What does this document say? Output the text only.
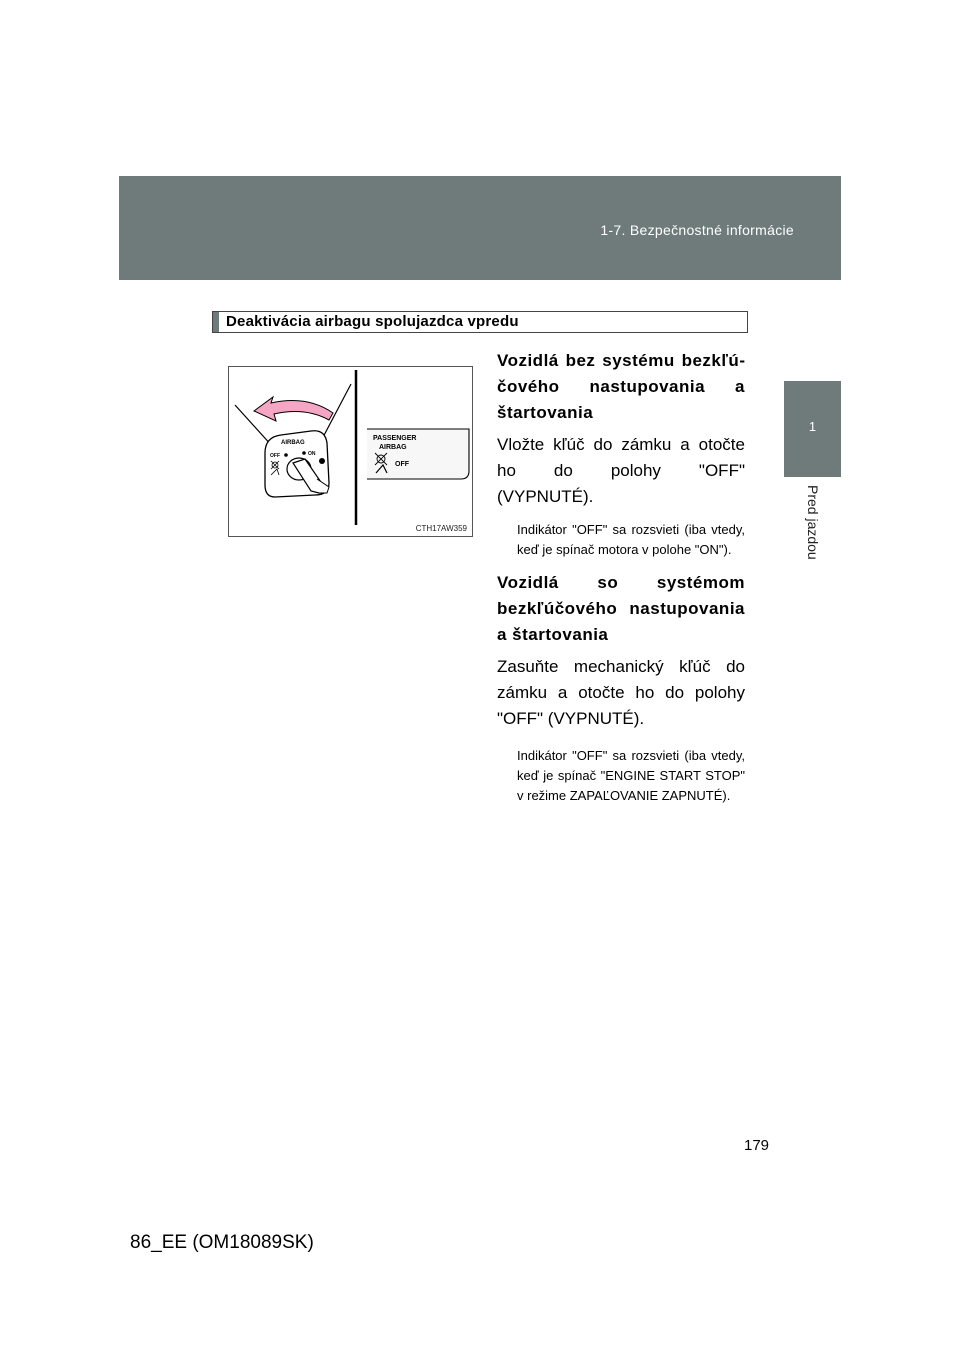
1-7. Bezpečnostné informácie
1
Pred jazdou
Deaktivácia airbagu spolujazdca vpredu
AIRBAG
OFF	ON
PASSENGER
AIRBAG
OFF
CTH17AW359

Vozidlá bez systému bezkľúčového nastupovania a štartovania

Vložte kľúč do zámku a otočte ho do polohy "OFF" (VYPNUTÉ).

Indikátor "OFF" sa rozsvieti (iba vtedy, keď je spínač motora v polohe "ON").

Vozidlá so systémom bezkľúčového nastupovania a štartovania

Zasuňte mechanický kľúč do zámku a otočte ho do polohy "OFF" (VYPNUTÉ).

Indikátor "OFF" sa rozsvieti (iba vtedy, keď je spínač "ENGINE START STOP" v režime ZAPAĽOVANIE ZAPNUTÉ).

179
86_EE (OM18089SK)
